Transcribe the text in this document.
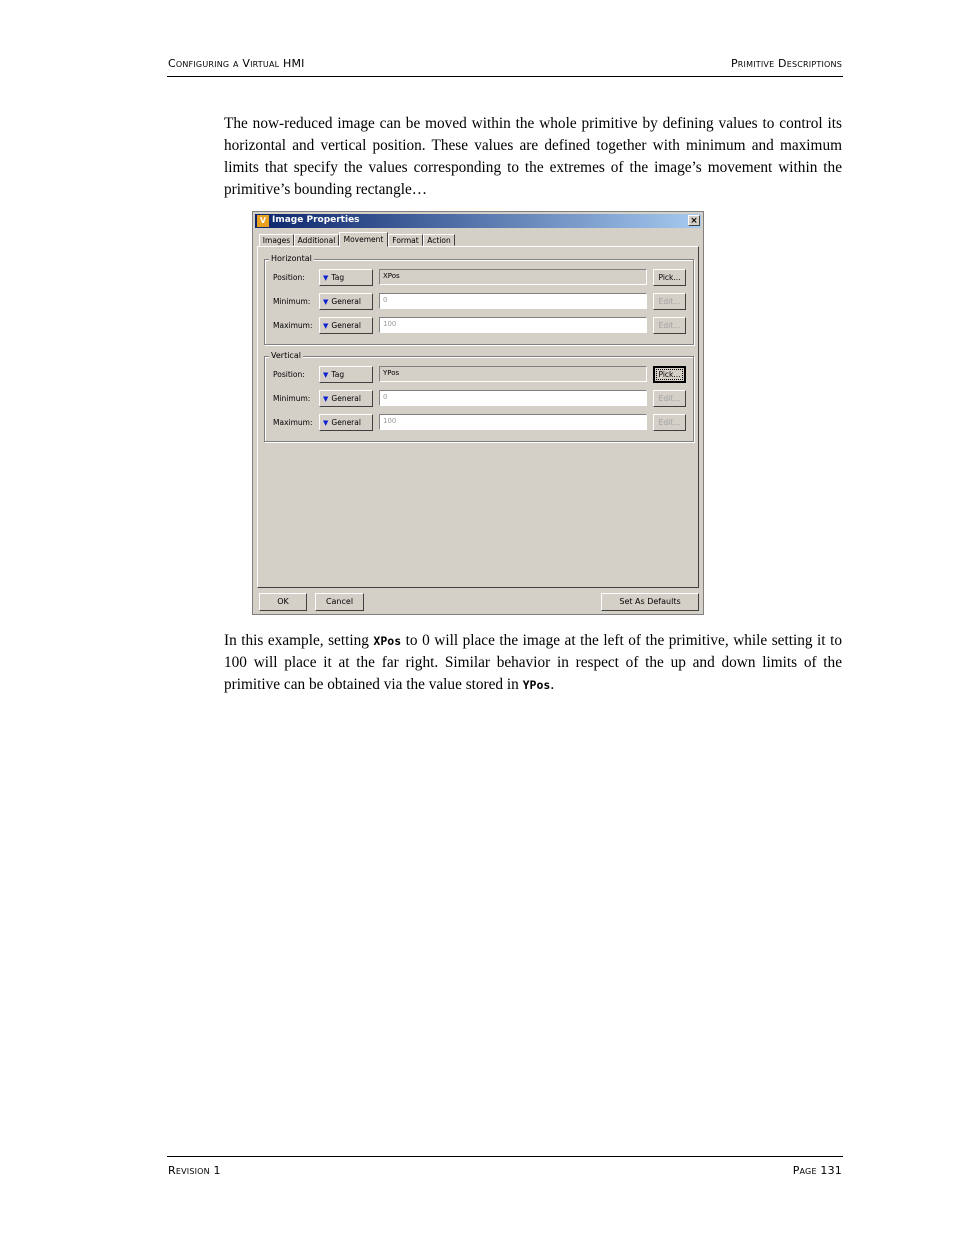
Configuring a Virtual HMI	Primitive Descriptions

The now-reduced image can be moved within the whole primitive by defining values to control its horizontal and vertical position. These values are defined together with minimum and maximum limits that specify the values corresponding to the extremes of the image’s movement within the primitive’s bounding rectangle…

V Image Properties	×
Images Additional	Movement	Format	Action
Horizontal
Position:	▼ Tag	XPos	Pick...
Minimum:	▼ General	0	Edit...
Maximum:	▼ General	100	Edit...
Vertical
Position:	▼ Tag	YPos	Pick...
Minimum:	▼ General	0	Edit...
Maximum:	▼ General	100	Edit...
OK	Cancel	Set As Defaults

In this example, setting XPos to 0 will place the image at the left of the primitive, while setting it to 100 will place it at the far right. Similar behavior in respect of the up and down limits of the primitive can be obtained via the value stored in YPos.

Revision 1	Page 131
